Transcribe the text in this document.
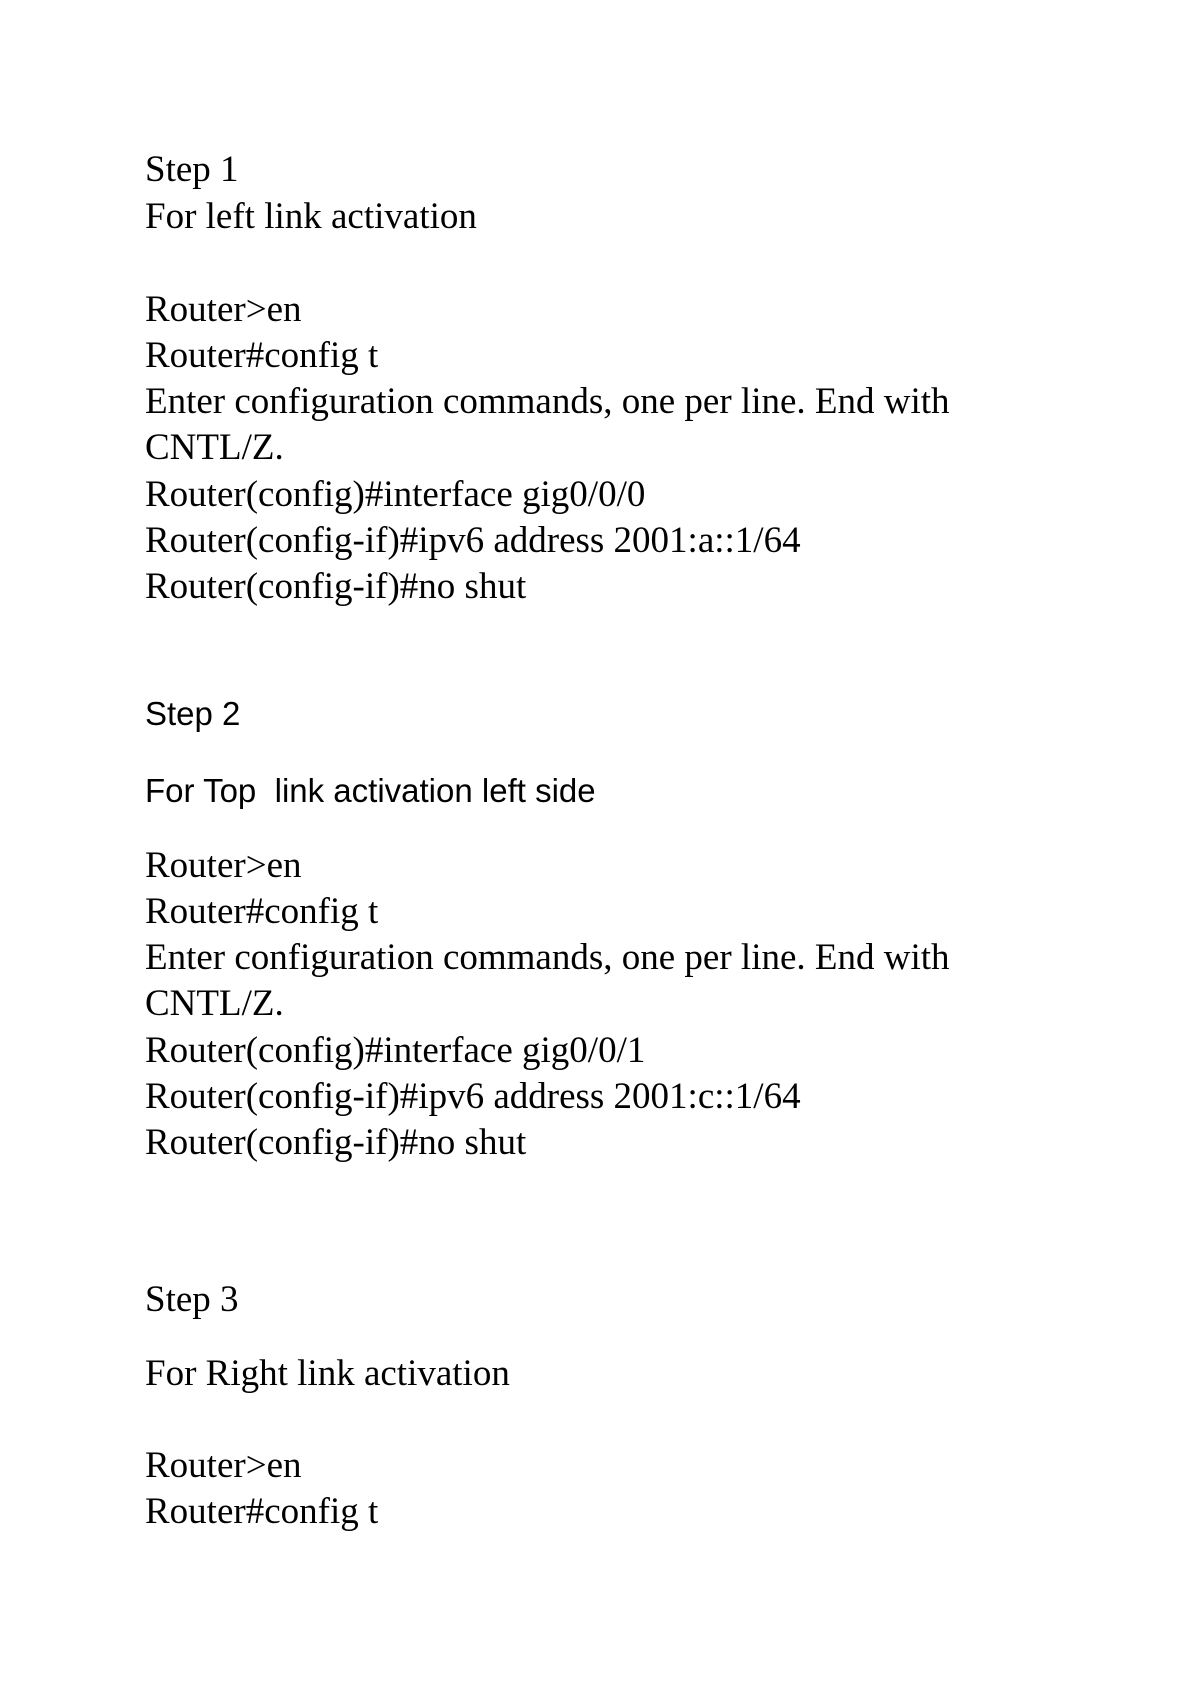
Step 1
For left link activation
Router>en
Router#config t
Enter configuration commands, one per line. End with
CNTL/Z.
Router(config)#interface gig0/0/0
Router(config-if)#ipv6 address 2001:a::1/64
Router(config-if)#no shut
Step 2
For Top  link activation left side
Router>en
Router#config t
Enter configuration commands, one per line. End with
CNTL/Z.
Router(config)#interface gig0/0/1
Router(config-if)#ipv6 address 2001:c::1/64
Router(config-if)#no shut
Step 3
For Right link activation
Router>en
Router#config t
